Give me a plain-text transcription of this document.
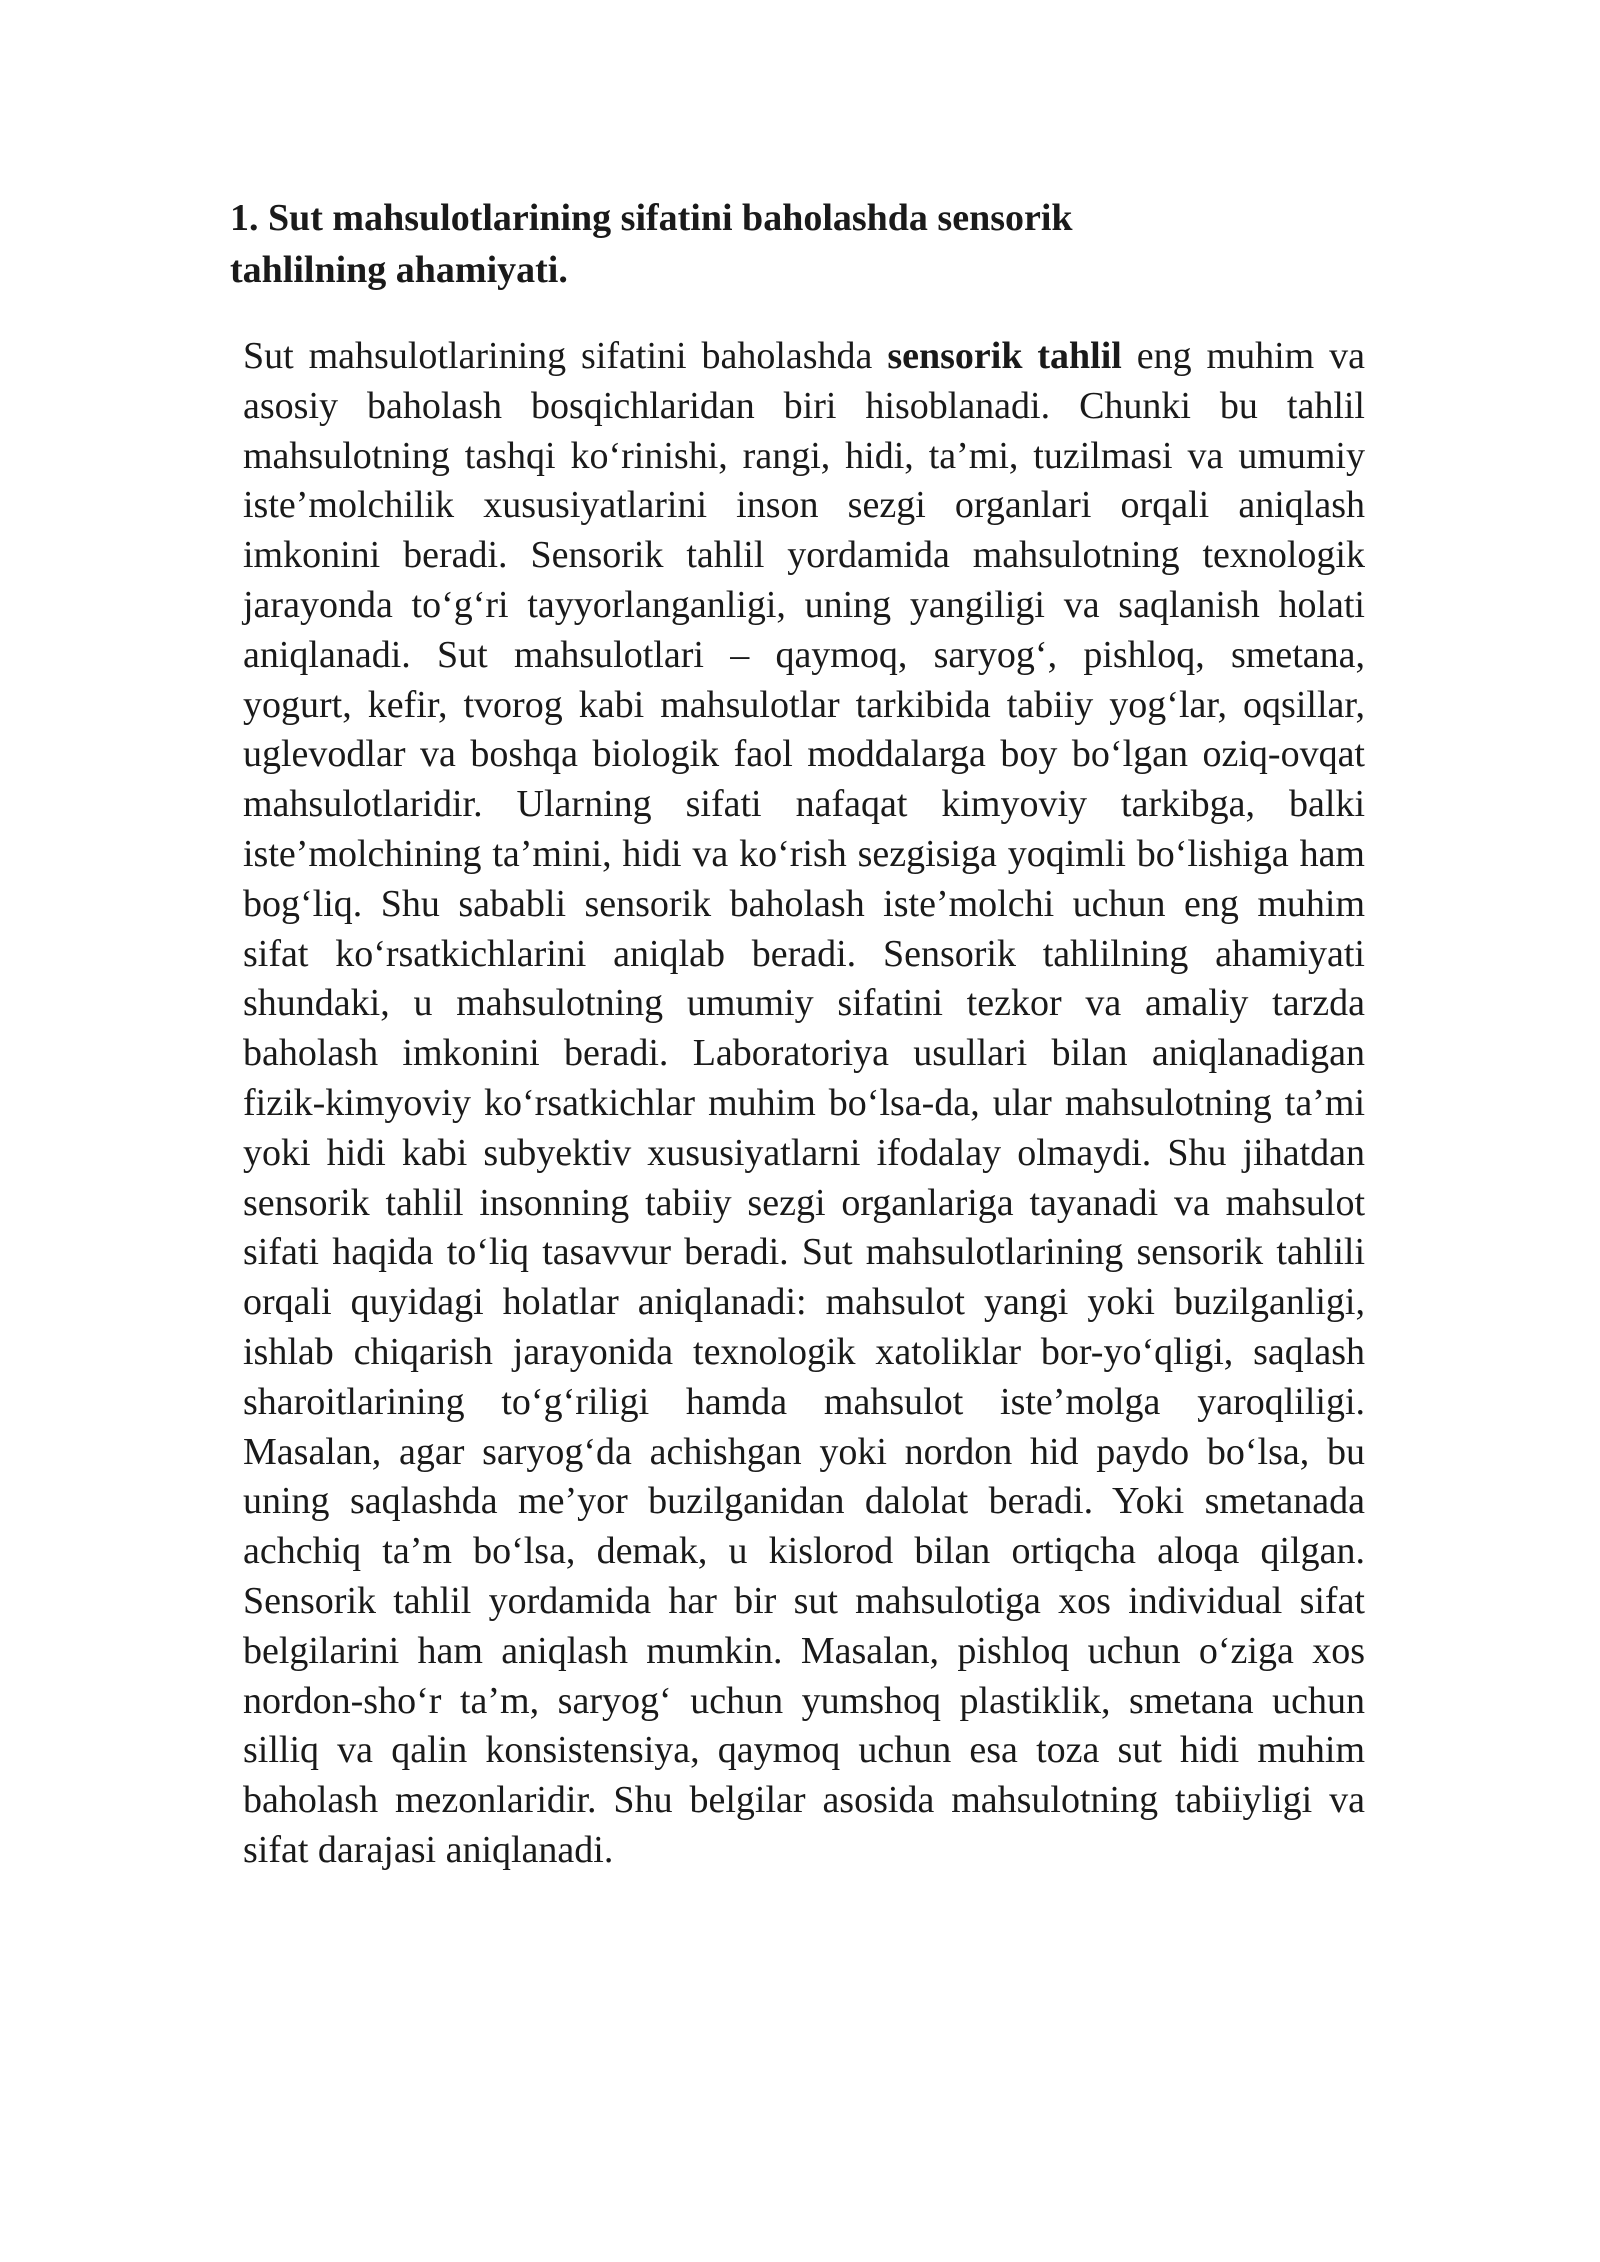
1. Sut mahsulotlarining sifatini baholashda sensorik tahlilning ahamiyati.

Sut mahsulotlarining sifatini baholashda sensorik tahlil eng muhim va asosiy baholash bosqichlaridan biri hisoblanadi. Chunki bu tahlil mahsulotning tashqi ko‘rinishi, rangi, hidi, ta’mi, tuzilmasi va umumiy iste’molchilik xususiyatlarini inson sezgi organlari orqali aniqlash imkonini beradi. Sensorik tahlil yordamida mahsulotning texnologik jarayonda to‘g‘ri tayyorlanganligi, uning yangiligi va saqlanish holati aniqlanadi. Sut mahsulotlari – qaymoq, saryog‘, pishloq, smetana, yogurt, kefir, tvorog kabi mahsulotlar tarkibida tabiiy yog‘lar, oqsillar, uglevodlar va boshqa biologik faol moddalarga boy bo‘lgan oziq-ovqat mahsulotlaridir. Ularning sifati nafaqat kimyoviy tarkibga, balki iste’molchining ta’mini, hidi va ko‘rish sezgisiga yoqimli bo‘lishiga ham bog‘liq. Shu sababli sensorik baholash iste’molchi uchun eng muhim sifat ko‘rsatkichlarini aniqlab beradi. Sensorik tahlilning ahamiyati shundaki, u mahsulotning umumiy sifatini tezkor va amaliy tarzda baholash imkonini beradi. Laboratoriya usullari bilan aniqlanadigan fizik-kimyoviy ko‘rsatkichlar muhim bo‘lsa-da, ular mahsulotning ta’mi yoki hidi kabi subyektiv xususiyatlarni ifodalay olmaydi. Shu jihatdan sensorik tahlil insonning tabiiy sezgi organlariga tayanadi va mahsulot sifati haqida to‘liq tasavvur beradi. Sut mahsulotlarining sensorik tahlili orqali quyidagi holatlar aniqlanadi: mahsulot yangi yoki buzilganligi, ishlab chiqarish jarayonida texnologik xatoliklar bor-yo‘qligi, saqlash sharoitlarining to‘g‘riligi hamda mahsulot iste’molga yaroqliligi. Masalan, agar saryog‘da achishgan yoki nordon hid paydo bo‘lsa, bu uning saqlashda me’yor buzilganidan dalolat beradi. Yoki smetanada achchiq ta’m bo‘lsa, demak, u kislorod bilan ortiqcha aloqa qilgan. Sensorik tahlil yordamida har bir sut mahsulotiga xos individual sifat belgilarini ham aniqlash mumkin. Masalan, pishloq uchun o‘ziga xos nordon-sho‘r ta’m, saryog‘ uchun yumshoq plastiklik, smetana uchun silliq va qalin konsistensiya, qaymoq uchun esa toza sut hidi muhim baholash mezonlaridir. Shu belgilar asosida mahsulotning tabiiyligi va sifat darajasi aniqlanadi.
